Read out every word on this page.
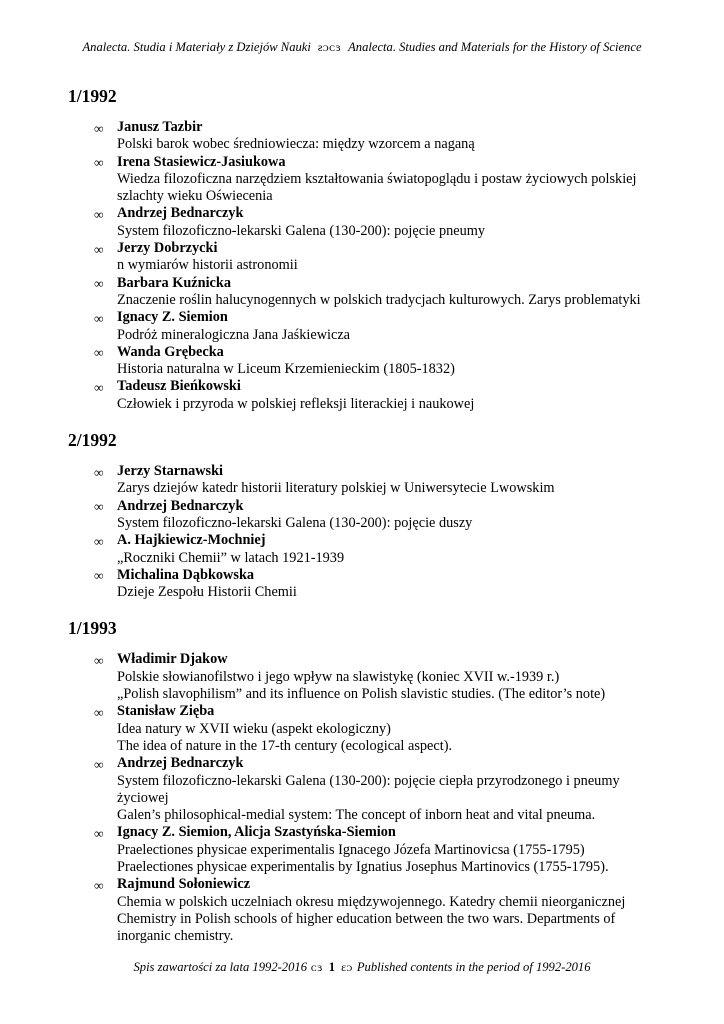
Analecta. Studia i Materiały z Dziejów Nauki ƨᴐᴄɜ Analecta. Studies and Materials for the History of Science
1/1992
∞ Janusz Tazbir
Polski barok wobec średniowiecza: między wzorcem a naganą
∞ Irena Stasiewicz-Jasiukowa
Wiedza filozoficzna narzędziem kształtowania światopoglądu i postaw życiowych polskiej
szlachty wieku Oświecenia
∞ Andrzej Bednarczyk
System filozoficzno-lekarski Galena (130-200): pojęcie pneumy
∞ Jerzy Dobrzycki
n wymiarów historii astronomii
∞ Barbara Kuźnicka
Znaczenie roślin halucynogennych w polskich tradycjach kulturowych. Zarys problematyki
∞ Ignacy Z. Siemion
Podróż mineralogiczna Jana Jaśkiewicza
∞ Wanda Grębecka
Historia naturalna w Liceum Krzemienieckim (1805-1832)
∞ Tadeusz Bieńkowski
Człowiek i przyroda w polskiej refleksji literackiej i naukowej
2/1992
∞ Jerzy Starnawski
Zarys dziejów katedr historii literatury polskiej w Uniwersytecie Lwowskim
∞ Andrzej Bednarczyk
System filozoficzno-lekarski Galena (130-200): pojęcie duszy
∞ A. Hajkiewicz-Mochniej
„Roczniki Chemii” w latach 1921-1939
∞ Michalina Dąbkowska
Dzieje Zespołu Historii Chemii
1/1993
∞ Władimir Djakow
Polskie słowianofilstwo i jego wpływ na slawistykę (koniec XVII w.-1939 r.)
„Polish slavophilism” and its influence on Polish slavistic studies. (The editor’s note)
∞ Stanisław Zięba
Idea natury w XVII wieku (aspekt ekologiczny)
The idea of nature in the 17-th century (ecological aspect).
∞ Andrzej Bednarczyk
System filozoficzno-lekarski Galena (130-200): pojęcie ciepła przyrodzonego i pneumy
życiowej
Galen’s philosophical-medial system: The concept of inborn heat and vital pneuma.
∞ Ignacy Z. Siemion, Alicja Szastyńska-Siemion
Praelectiones physicae experimentalis Ignacego Józefa Martinovicsa (1755-1795)
Praelectiones physicae experimentalis by Ignatius Josephus Martinovics (1755-1795).
∞ Rajmund Sołoniewicz
Chemia w polskich uczelniach okresu międzywojennego. Katedry chemii nieorganicznej
Chemistry in Polish schools of higher education between the two wars. Departments of
inorganic chemistry.
Spis zawartości za lata 1992-2016 ᴄɜ 1 ɛᴐ Published contents in the period of 1992-2016
